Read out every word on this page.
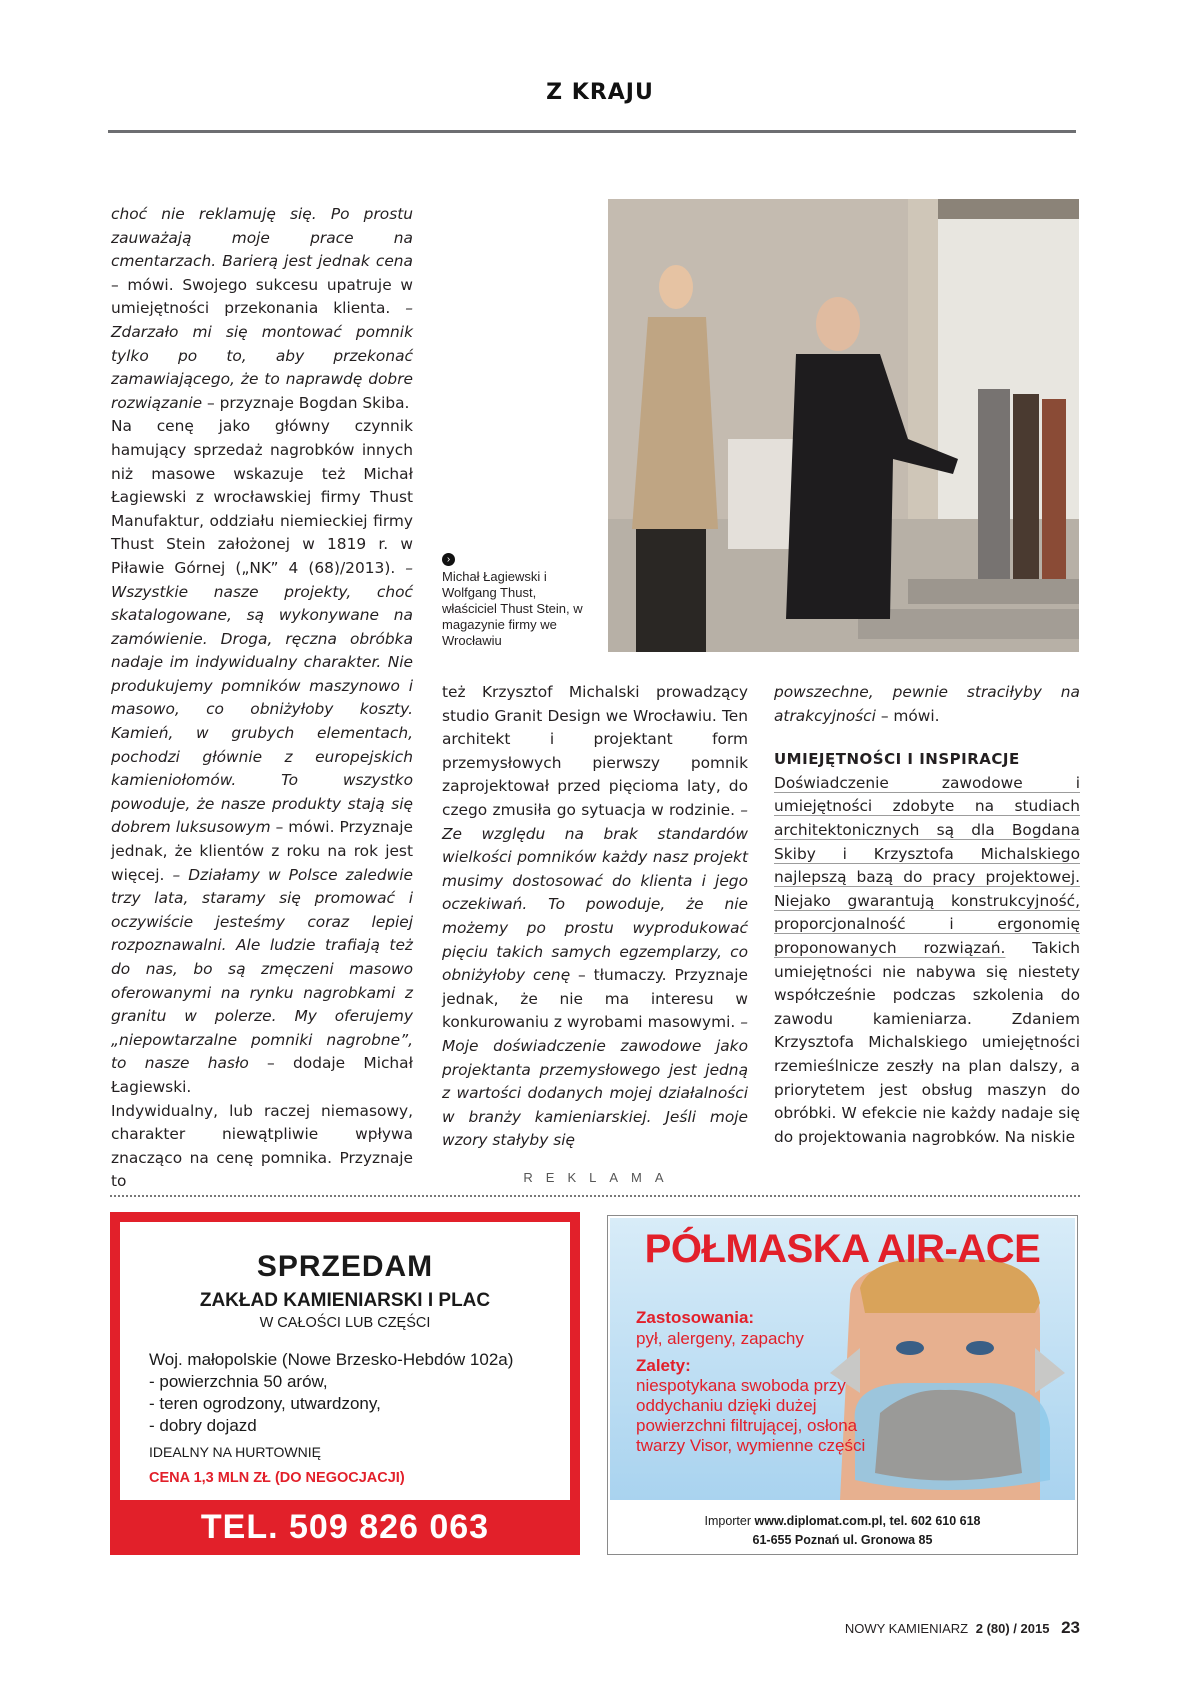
Z KRAJU

choć nie reklamuję się. Po prostu zauważają moje prace na cmentarzach. Barierą jest jednak cena – mówi. Swojego sukcesu upatruje w umiejętności przekonania klienta. – Zdarzało mi się montować pomnik tylko po to, aby przekonać zamawiającego, że to naprawdę dobre rozwiązanie – przyznaje Bogdan Skiba.

Na cenę jako główny czynnik hamujący sprzedaż nagrobków innych niż masowe wskazuje też Michał Łagiewski z wrocławskiej firmy Thust Manufaktur, oddziału niemieckiej firmy Thust Stein założonej w 1819 r. w Piławie Górnej („NK” 4 (68)/2013). – Wszystkie nasze projekty, choć skatalogowane, są wykonywane na zamówienie. Droga, ręczna obróbka nadaje im indywidualny charakter. Nie produkujemy pomników maszynowo i masowo, co obniżyłoby koszty. Kamień, w grubych elementach, pochodzi głównie z europejskich kamieniołomów. To wszystko powoduje, że nasze produkty stają się dobrem luksusowym – mówi. Przyznaje jednak, że klientów z roku na rok jest więcej. – Działamy w Polsce zaledwie trzy lata, staramy się promować i oczywiście jesteśmy coraz lepiej rozpoznawalni. Ale ludzie trafiają też do nas, bo są zmęczeni masowo oferowanymi na rynku nagrobkami z granitu w polerze. My oferujemy „niepowtarzalne pomniki nagrobne”, to nasze hasło – dodaje Michał Łagiewski.

Indywidualny, lub raczej niemasowy, charakter niewątpliwie wpływa znacząco na cenę pomnika. Przyznaje to

›
Michał Łagiewski i Wolfgang Thust, właściciel Thust Stein, w magazynie firmy we Wrocławiu

też Krzysztof Michalski prowadzący studio Granit Design we Wrocławiu. Ten architekt i projektant form przemysłowych pierwszy pomnik zaprojektował przed pięcioma laty, do czego zmusiła go sytuacja w rodzinie. – Ze względu na brak standardów wielkości pomników każdy nasz projekt musimy dostosować do klienta i jego oczekiwań. To powoduje, że nie możemy po prostu wyprodukować pięciu takich samych egzemplarzy, co obniżyłoby cenę – tłumaczy. Przyznaje jednak, że nie ma interesu w konkurowaniu z wyrobami masowymi. – Moje doświadczenie zawodowe jako projektanta przemysłowego jest jedną z wartości dodanych mojej działalności w branży kamieniarskiej. Jeśli moje wzory stałyby się

powszechne, pewnie straciłyby na atrakcyjności – mówi.

UMIEJĘTNOŚCI I INSPIRACJE

Doświadczenie zawodowe i umiejętności zdobyte na studiach architektonicznych są dla Bogdana Skiby i Krzysztofa Michalskiego najlepszą bazą do pracy projektowej. Niejako gwarantują konstrukcyjność, proporcjonalność i ergonomię proponowanych rozwiązań. Takich umiejętności nie nabywa się niestety współcześnie podczas szkolenia do zawodu kamieniarza. Zdaniem Krzysztofa Michalskiego umiejętności rzemieślnicze zeszły na plan dalszy, a priorytetem jest obsług maszyn do obróbki. W efekcie nie każdy nadaje się do projektowania nagrobków. Na niskie

REKLAMA
SPRZEDAM
ZAKŁAD KAMIENIARSKI I PLAC
W CAŁOŚCI LUB CZĘŚCI
Woj. małopolskie (Nowe Brzesko-Hebdów 102a)
- powierzchnia 50 arów,
- teren ogrodzony, utwardzony,
- dobry dojazd
IDEALNY NA HURTOWNIĘ
CENA 1,3 MLN ZŁ (DO NEGOCJACJI)
TEL. 509 826 063
PÓŁMASKA AIR-ACE
Zastosowania:
pył, alergeny, zapachy
Zalety:
niespotykana swoboda przy oddychaniu dzięki dużej powierzchni filtrującej, osłona twarzy Visor, wymienne części
Importer www.diplomat.com.pl, tel. 602 610 618
61-655 Poznań ul. Gronowa 85
NOWY KAMIENIARZ 2 (80) / 2015 23
